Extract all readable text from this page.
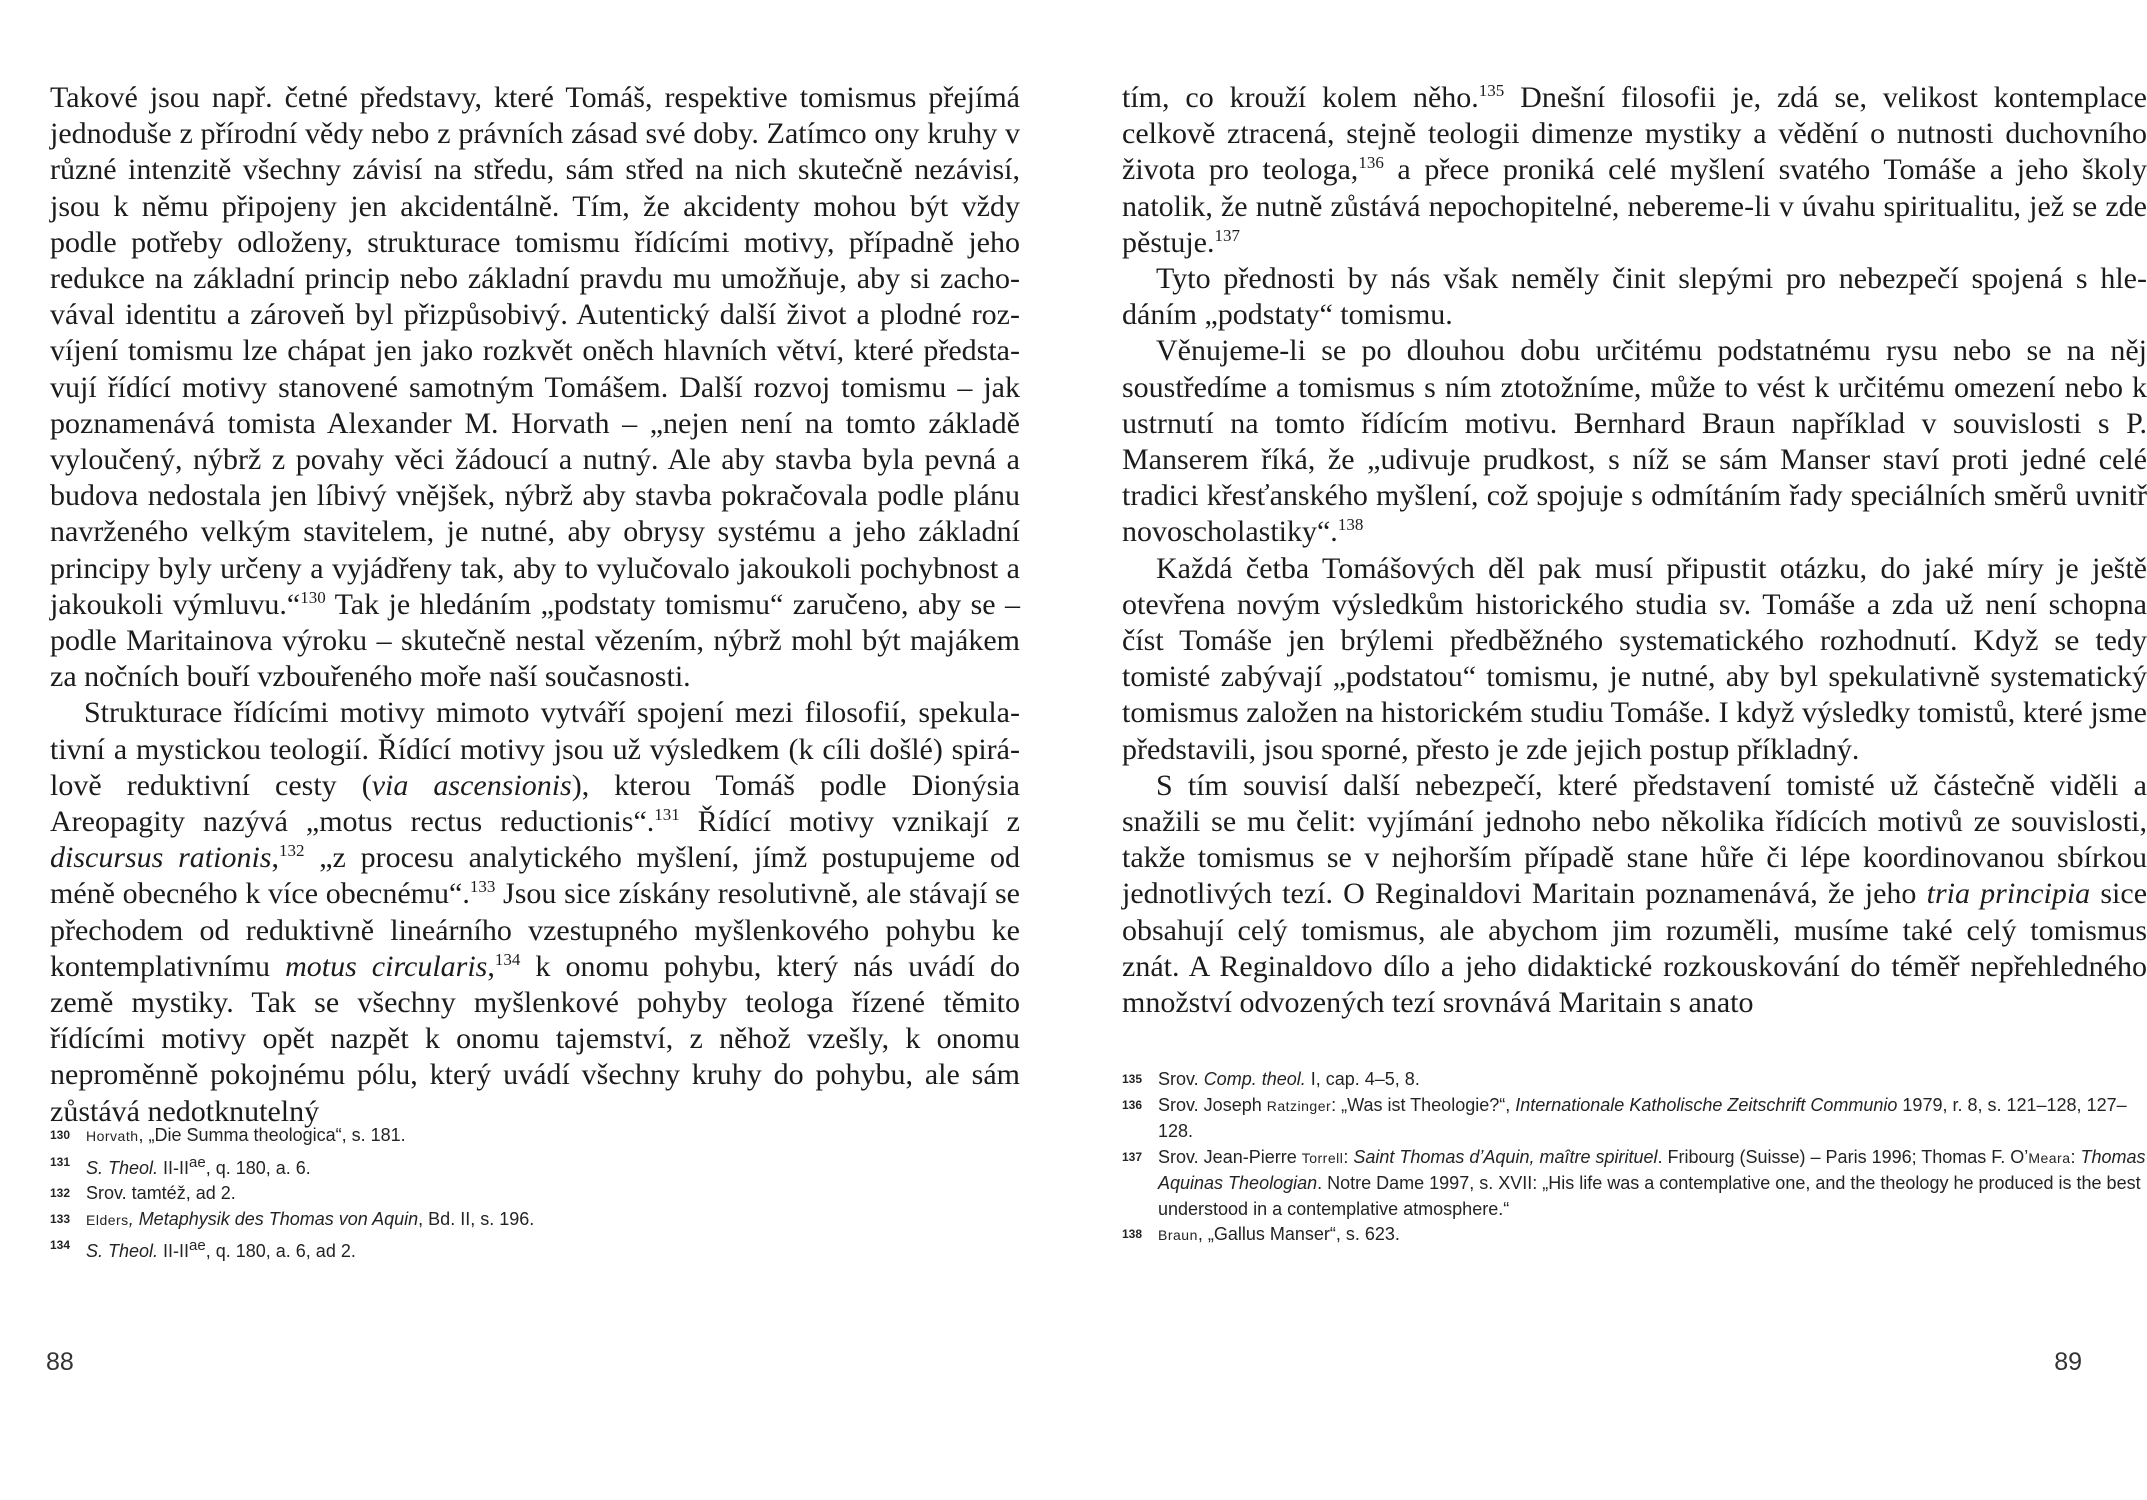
Takové jsou např. četné představy, které Tomáš, respektive tomismus přejímá jednoduše z přírodní vědy nebo z právních zásad své doby. Zatímco ony kruhy v různé intenzitě všechny závisí na středu, sám střed na nich skutečně nezávisí, jsou k němu připojeny jen akcidentálně. Tím, že akcidenty mohou být vždy podle potřeby odloženy, strukturace tomismu řídícími motivy, případně jeho redukce na základní princip nebo základní pravdu mu umožňuje, aby si zachovával identitu a zároveň byl přizpůsobivý. Autentický další život a plodné rozvíjení tomismu lze chápat jen jako rozkvět oněch hlavních větví, které představují řídící motivy stanovené samotným Tomášem. Další rozvoj tomismu – jak poznamenává tomista Alexander M. Horvath – „nejen není na tomto základě vyloučený, nýbrž z povahy věci žádoucí a nutný. Ale aby stavba byla pevná a budova nedostala jen líbivý vnějšek, nýbrž aby stavba pokračovala podle plánu navrženého velkým stavitelem, je nutné, aby obrysy systému a jeho základní principy byly určeny a vyjádřeny tak, aby to vylučovalo jakoukoli pochybnost a jakoukoli výmluvu.“$^{130}$ Tak je hledáním „podstaty tomismu“ zaručeno, aby se – podle Maritainova výroku – skutečně nestal vězením, nýbrž mohl být majákem za nočních bouří vzbouřeného moře naší současnosti.

Strukturace řídícími motivy mimoto vytváří spojení mezi filosofií, spekulativní a mystickou teologií. Řídící motivy jsou už výsledkem (k cíli došlé) spirálově reduktivní cesty (via ascensionis), kterou Tomáš podle Dionýsia Areopagity nazývá „motus rectus reductionis“.$^{131}$ Řídící motivy vznikají z discursus rationis,$^{132}$ „z procesu analytického myšlení, jímž postupujeme od méně obecného k více obecnému“.$^{133}$ Jsou sice získány resolutivně, ale stávají se přechodem od reduktivně lineárního vzestupného myšlenkového pohybu ke kontemplativnímu motus circularis,$^{134}$ k onomu pohybu, který nás uvádí do země mystiky. Tak se všechny myšlenkové pohyby teologa řízené těmito řídícími motivy opět nazpět k onomu tajemství, z něhož vzešly, k onomu neproměnně pokojnému pólu, který uvádí všechny kruhy do pohybu, ale sám zůstává nedotknutelný

130 Horvath, „Die Summa theologica“, s. 181.

131 S. Theol. $II-II^{ae}$, q. 180, a. 6.

132 Srov. tamtéž, ad 2.

133 Elders, Metaphysik des Thomas von Aquin, Bd. II, s. 196.

134 S. Theol. $II-II^{ae}$, q. 180, a. 6, ad 2.

88

tím, co krouží kolem něho.$^{135}$ Dnešní filosofii je, zdá se, velikost kontemplace celkově ztracená, stejně teologii dimenze mystiky a vědění o nutnosti duchovního života pro teologa,$^{136}$ a přece proniká celé myšlení svatého Tomáše a jeho školy natolik, že nutně zůstává nepochopitelné, nebereme-li v úvahu spiritualitu, jež se zde pěstuje.$^{137}$

Tyto přednosti by nás však neměly činit slepými pro nebezpečí spojená s hledáním „podstaty“ tomismu.

Věnujeme-li se po dlouhou dobu určitému podstatnému rysu nebo se na něj soustředíme a tomismus s ním ztotožníme, může to vést k určitému omezení nebo k ustrnutí na tomto řídícím motivu. Bernhard Braun například v souvislosti s P. Manserem říká, že „udivuje prudkost, s níž se sám Manser staví proti jedné celé tradici křesťanského myšlení, což spojuje s odmítáním řady speciálních směrů uvnitř novoscholastiky“.$^{138}$

Každá četba Tomášových děl pak musí připustit otázku, do jaké míry je ještě otevřena novým výsledkům historického studia sv. Tomáše a zda už není schopna číst Tomáše jen brýlemi předběžného systematického rozhodnutí. Když se tedy tomisté zabývají „podstatou“ tomismu, je nutné, aby byl spekulativně systematický tomismus založen na historickém studiu Tomáše. I když výsledky tomistů, které jsme představili, jsou sporné, přesto je zde jejich postup příkladný.

S tím souvisí další nebezpečí, které představení tomisté už částečně viděli a snažili se mu čelit: vyjímání jednoho nebo několika řídících motivů ze souvislosti, takže tomismus se v nejhorším případě stane hůře či lépe koordinovanou sbírkou jednotlivých tezí. O Reginaldovi Maritain poznamenává, že jeho tria principia sice obsahují celý tomismus, ale abychom jim rozuměli, musíme také celý tomismus znát. A Reginaldovo dílo a jeho didaktické rozkouskování do téměř nepřehledného množství odvozených tezí srovnává Maritain s anato

135 Srov. Comp. theol. I, cap. 4–5, 8.

136 Srov. Joseph Ratzinger: „Was ist Theologie?“, Internationale Katholische Zeitschrift Communio 1979, r. 8, s. 121–128, 127–128.

137 Srov. Jean-Pierre Torrell: Saint Thomas d’Aquin, maître spirituel. Fribourg (Suisse) – Paris 1996; Thomas F. O’Meara: Thomas Aquinas Theologian. Notre Dame 1997, s. XVII: „His life was a contemplative one, and the theology he produced is the best understood in a contemplative atmosphere.“

138 Braun, „Gallus Manser“, s. 623.

89
